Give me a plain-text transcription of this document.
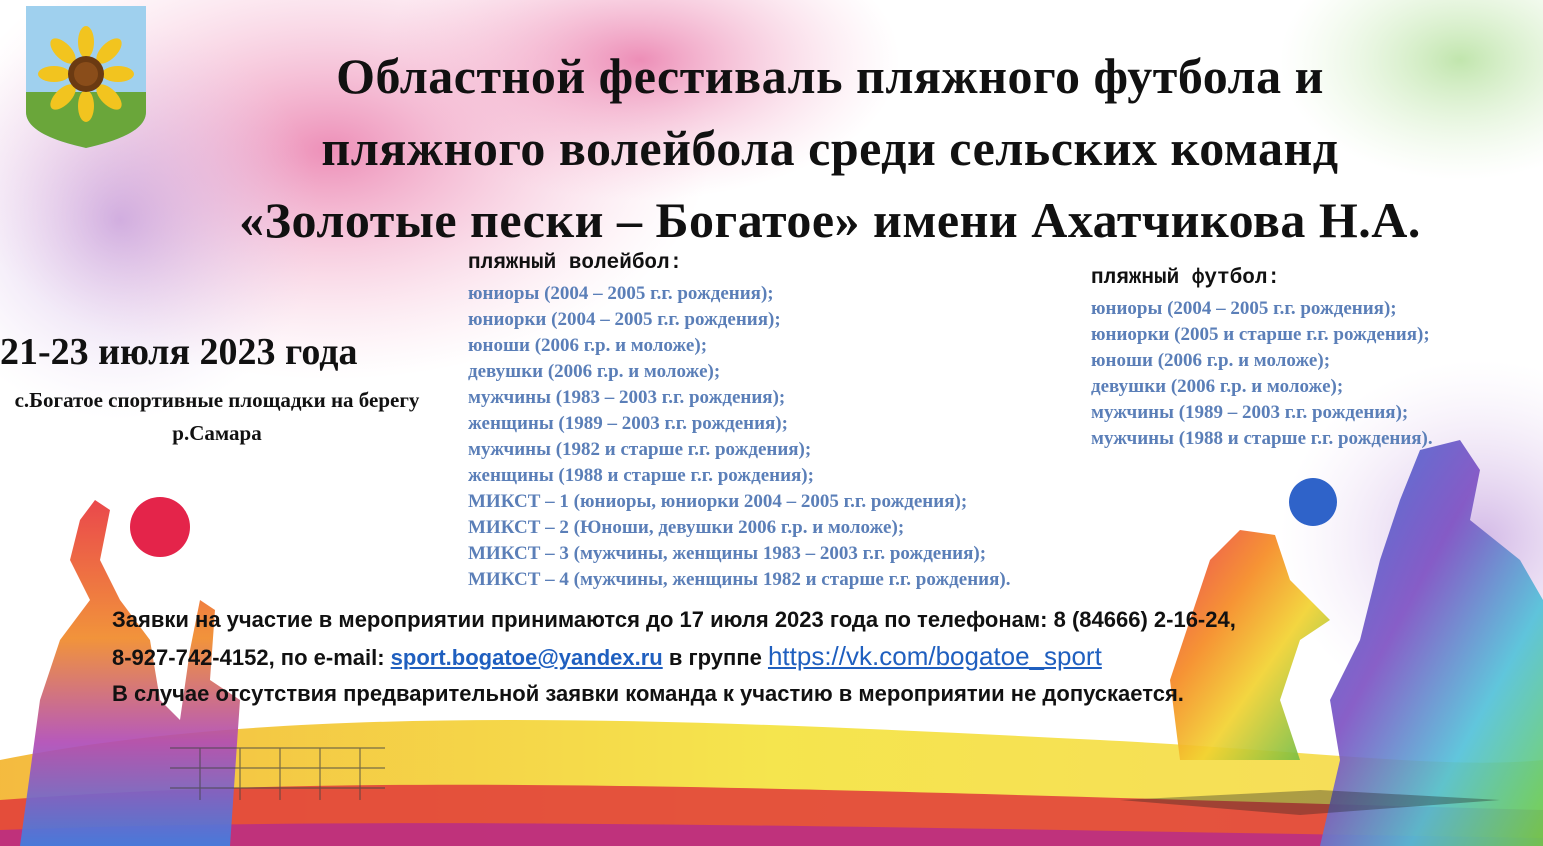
Областной фестиваль пляжного футбола и
пляжного волейбола среди сельских команд
«Золотые пески – Богатое» имени Ахатчикова Н.А.
21-23 июля 2023 года
с.Богатое спортивные площадки на берегу р.Самара
пляжный волейбол:
юниоры (2004 – 2005 г.г. рождения);
юниорки (2004 – 2005 г.г. рождения);
юноши (2006 г.р. и моложе);
девушки (2006 г.р. и моложе);
мужчины (1983 – 2003 г.г. рождения);
женщины (1989 – 2003 г.г. рождения);
мужчины (1982 и старше г.г. рождения);
женщины (1988 и старше г.г. рождения);
МИКСТ – 1 (юниоры, юниорки 2004 – 2005 г.г. рождения);
МИКСТ – 2 (Юноши, девушки 2006 г.р. и моложе);
МИКСТ – 3 (мужчины, женщины 1983 – 2003 г.г. рождения);
МИКСТ – 4 (мужчины, женщины 1982 и старше г.г. рождения).
пляжный футбол:
юниоры (2004 – 2005 г.г. рождения);
юниорки (2005 и старше г.г. рождения);
юноши (2006 г.р. и моложе);
девушки (2006 г.р. и моложе);
мужчины (1989 – 2003 г.г. рождения);
мужчины (1988 и старше г.г. рождения).
Заявки на участие в мероприятии принимаются до 17 июля 2023 года по телефонам: 8 (84666) 2-16-24,
8-927-742-4152, по e-mail: sport.bogatoe@yandex.ru в группе https://vk.com/bogatoe_sport
В случае отсутствия предварительной заявки команда к участию в мероприятии не допускается.
